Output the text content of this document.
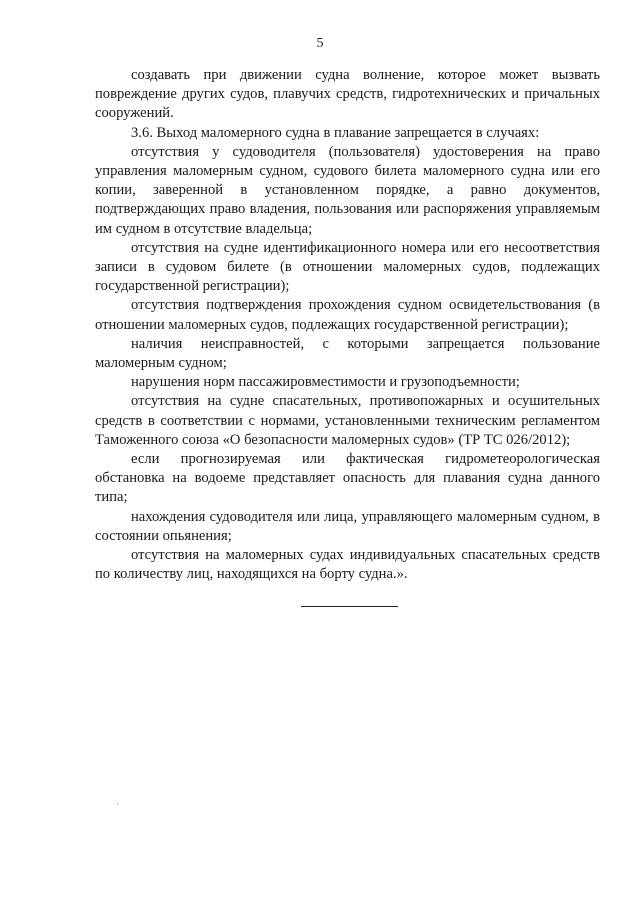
5

создавать при движении судна волнение, которое может вызвать повреждение других судов, плавучих средств, гидротехнических и причальных сооружений.

3.6. Выход маломерного судна в плавание запрещается в случаях:

отсутствия у судоводителя (пользователя) удостоверения на право управления маломерным судном, судового билета маломерного судна или его копии, заверенной в установленном порядке, а равно документов, подтверждающих право владения, пользования или распоряжения управляемым им судном в отсутствие владельца;

отсутствия на судне идентификационного номера или его несоответствия записи в судовом билете (в отношении маломерных судов, подлежащих государственной регистрации);

отсутствия подтверждения прохождения судном освидетельствования (в отношении маломерных судов, подлежащих государственной регистрации);

наличия неисправностей, с которыми запрещается пользование маломерным судном;

нарушения норм пассажировместимости и грузоподъемности;

отсутствия на судне спасательных, противопожарных и осушительных средств в соответствии с нормами, установленными техническим регламентом Таможенного союза «О безопасности маломерных судов» (ТР ТС 026/2012);

если прогнозируемая или фактическая гидрометеорологическая обстановка на водоеме представляет опасность для плавания судна данного типа;

нахождения судоводителя или лица, управляющего маломерным судном, в состоянии опьянения;

отсутствия на маломерных судах индивидуальных спасательных средств по количеству лиц, находящихся на борту судна.».
